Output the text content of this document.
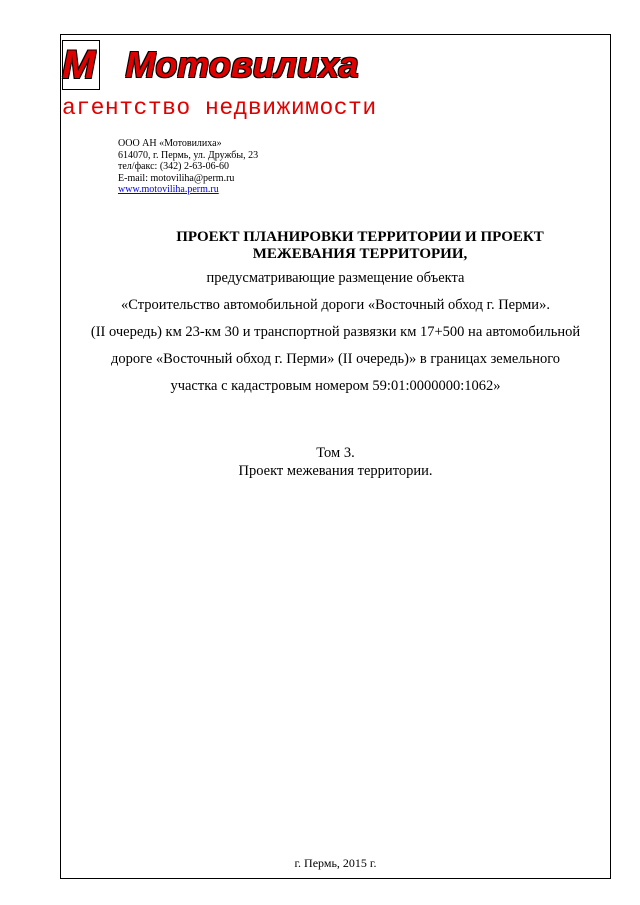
М Мотовилиха
агентство недвижимости
ООО АН «Мотовилиха»
614070, г. Пермь, ул. Дружбы, 23
тел/факс: (342) 2-63-06-60
E-mail: motoviliha@perm.ru
www.motoviliha.perm.ru
ПРОЕКТ ПЛАНИРОВКИ ТЕРРИТОРИИ И ПРОЕКТ
МЕЖЕВАНИЯ ТЕРРИТОРИИ,
предусматривающие размещение объекта
«Строительство автомобильной дороги «Восточный обход г. Перми».
(II очередь) км 23-км 30 и транспортной развязки км 17+500 на автомобильной
дороге «Восточный обход г. Перми» (II очередь)» в границах земельного
участка с кадастровым номером 59:01:0000000:1062»
Том 3.
Проект межевания территории.
г. Пермь, 2015 г.
